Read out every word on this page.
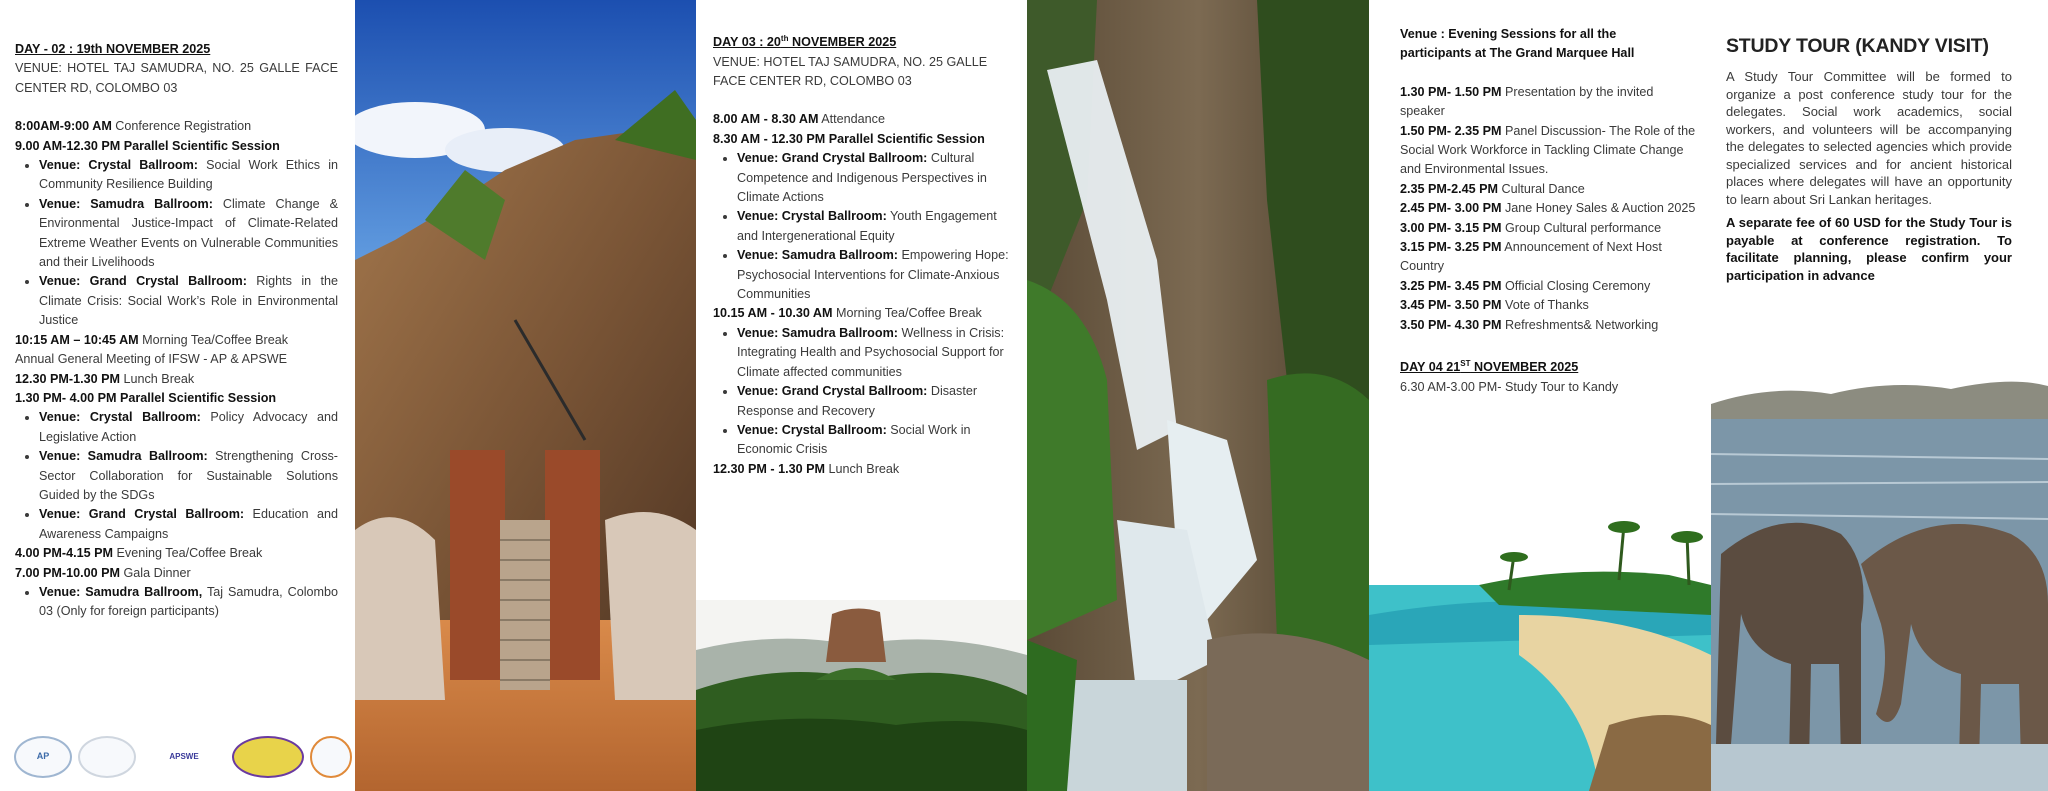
DAY - 02 : 19th NOVEMBER 2025

VENUE: HOTEL TAJ SAMUDRA, NO. 25 GALLE FACE CENTER RD, COLOMBO 03

8:00AM-9:00 AM Conference Registration

9.00 AM-12.30 PM Parallel Scientific Session

• Venue: Crystal Ballroom: Social Work Ethics in Community Resilience Building
• Venue: Samudra Ballroom: Climate Change & Environmental Justice-Impact of Climate-Related Extreme Weather Events on Vulnerable Communities and their Livelihoods
• Venue: Grand Crystal Ballroom: Rights in the Climate Crisis: Social Work’s Role in Environmental Justice

10:15 AM – 10:45 AM Morning Tea/Coffee Break

Annual General Meeting of IFSW - AP & APSWE

12.30 PM-1.30 PM Lunch Break

1.30 PM- 4.00 PM Parallel Scientific Session

• Venue: Crystal Ballroom: Policy Advocacy and Legislative Action
• Venue: Samudra Ballroom: Strengthening Cross-Sector Collaboration for Sustainable Solutions Guided by the SDGs
• Venue: Grand Crystal Ballroom: Education and Awareness Campaigns

4.00 PM-4.15 PM Evening Tea/Coffee Break

7.00 PM-10.00 PM Gala Dinner

• Venue: Samudra Ballroom, Taj Samudra, Colombo 03 (Only for foreign participants)
AP	APSWE

DAY 03 : 20th NOVEMBER 2025

VENUE: HOTEL TAJ SAMUDRA, NO. 25 GALLE FACE CENTER RD, COLOMBO 03

8.00 AM - 8.30 AM Attendance

8.30 AM - 12.30 PM Parallel Scientific Session

• Venue: Grand Crystal Ballroom: Cultural Competence and Indigenous Perspectives in Climate Actions
• Venue: Crystal Ballroom: Youth Engagement and Intergenerational Equity
• Venue: Samudra Ballroom: Empowering Hope: Psychosocial Interventions for Climate-Anxious Communities

10.15 AM - 10.30 AM Morning Tea/Coffee Break

• Venue: Samudra Ballroom: Wellness in Crisis: Integrating Health and Psychosocial Support for Climate affected communities
• Venue: Grand Crystal Ballroom: Disaster Response and Recovery
• Venue: Crystal Ballroom: Social Work in Economic Crisis

12.30 PM - 1.30 PM Lunch Break

Venue : Evening Sessions for all the
participants at The Grand Marquee Hall

1.30 PM- 1.50 PM Presentation by the invited speaker

1.50 PM- 2.35 PM Panel Discussion- The Role of the Social Work Workforce in Tackling Climate Change and Environmental Issues.

2.35 PM-2.45 PM Cultural Dance

2.45 PM- 3.00 PM Jane Honey Sales & Auction 2025

3.00 PM- 3.15 PM Group Cultural performance

3.15 PM- 3.25 PM Announcement of Next Host Country

3.25 PM- 3.45 PM Official Closing Ceremony

3.45 PM- 3.50 PM Vote of Thanks

3.50 PM- 4.30 PM Refreshments& Networking

DAY 04 21ST NOVEMBER 2025

6.30 AM-3.00 PM- Study Tour to Kandy

STUDY TOUR (KANDY VISIT)

A Study Tour Committee will be formed to organize a post conference study tour for the delegates. Social work academics, social workers, and volunteers will be accompanying the delegates to selected agencies which provide specialized services and for ancient historical places where delegates will have an opportunity to learn about Sri Lankan heritages.

A separate fee of 60 USD for the Study Tour is payable at conference registration. To facilitate planning, please confirm your participation in advance
